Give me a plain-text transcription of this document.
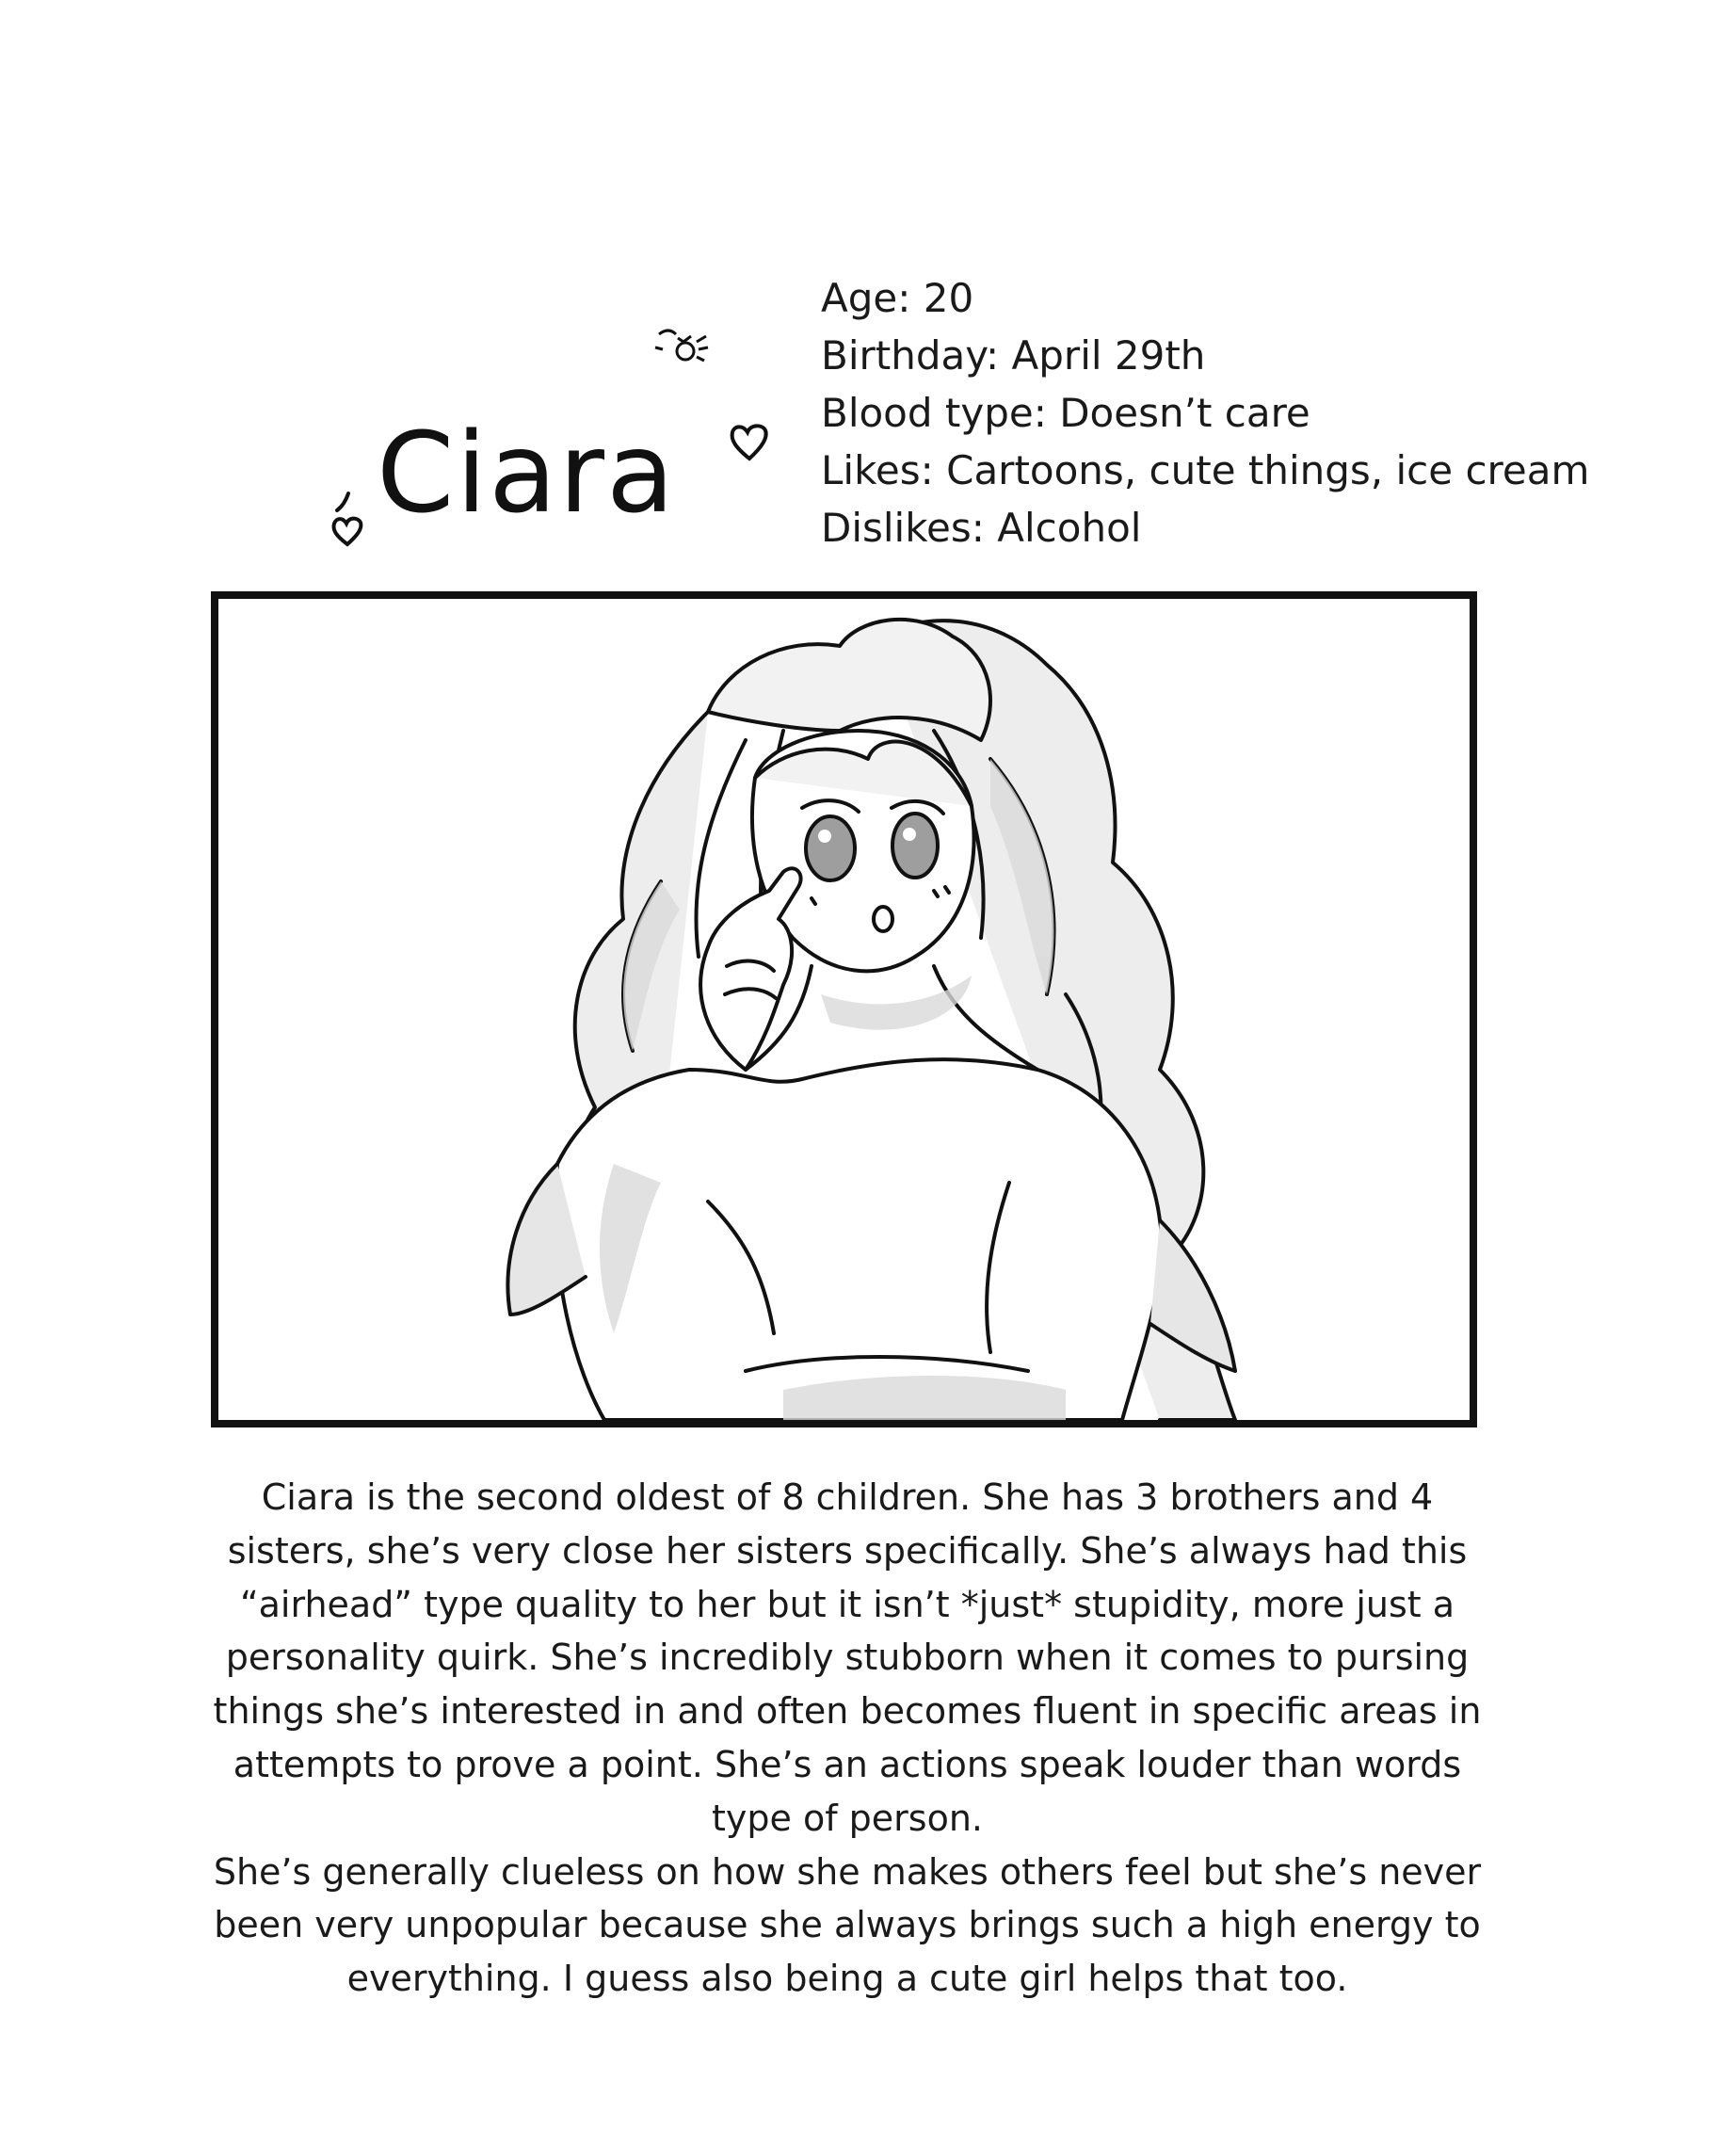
Ciara
Age: 20
Birthday: April 29th
Blood type: Doesn’t care
Likes: Cartoons, cute things, ice cream
Dislikes: Alcohol

Ciara is the second oldest of 8 children. She has 3 brothers and 4 sisters, she’s very close her sisters specifically. She’s always had this “airhead” type quality to her but it isn’t *just* stupidity, more just a personality quirk. She’s incredibly stubborn when it comes to pursing things she’s interested in and often becomes fluent in specific areas in attempts to prove a point. She’s an actions speak louder than words type of person.

She’s generally clueless on how she makes others feel but she’s never been very unpopular because she always brings such a high energy to everything. I guess also being a cute girl helps that too.
